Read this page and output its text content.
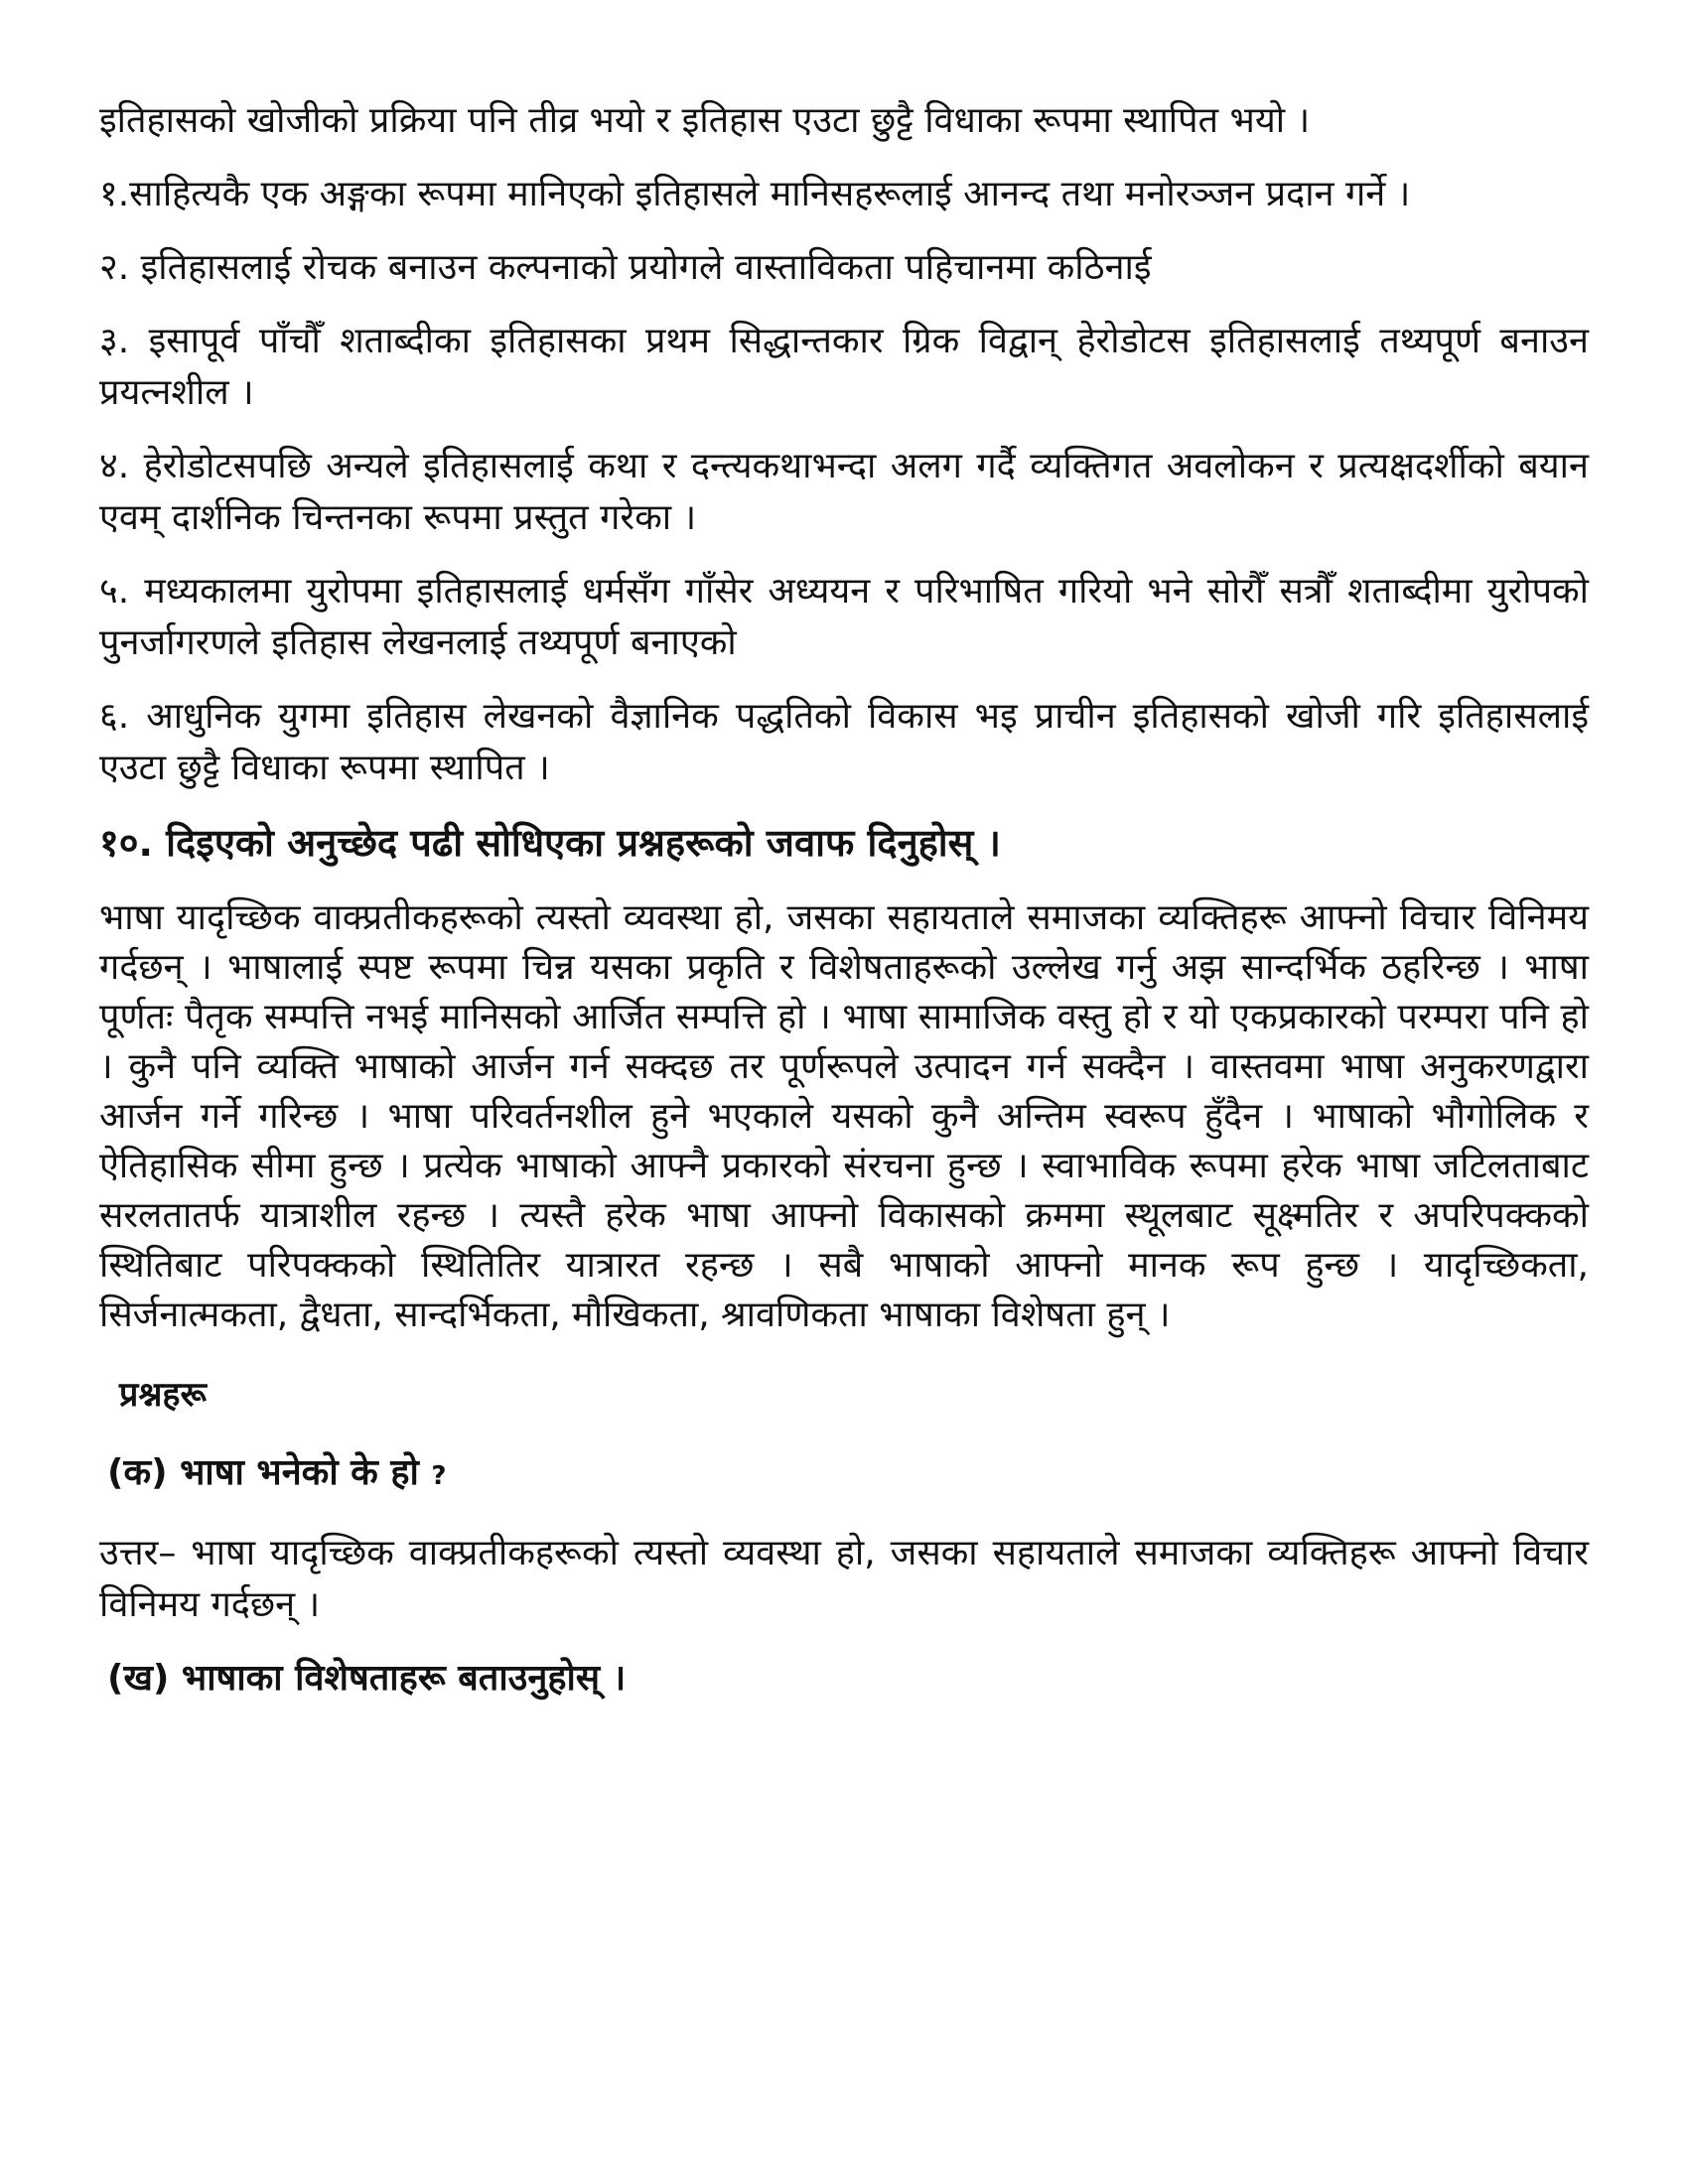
इतिहासको खोजीको प्रक्रिया पनि तीव्र भयो र इतिहास एउटा छुट्टै विधाका रूपमा स्थापित भयो ।

१.साहित्यकै एक अङ्गका रूपमा मानिएको इतिहासले मानिसहरूलाई आनन्द तथा मनोरञ्जन प्रदान गर्ने ।

२. इतिहासलाई रोचक बनाउन कल्पनाको प्रयोगले वास्ताविकता पहिचानमा कठिनाई

३. इसापूर्व पाँचौँ शताब्दीका इतिहासका प्रथम सिद्धान्तकार ग्रिक विद्वान् हेरोडोटस इतिहासलाई तथ्यपूर्ण बनाउन प्रयत्नशील ।

४. हेरोडोटसपछि अन्यले इतिहासलाई कथा र दन्त्यकथाभन्दा अलग गर्दै व्यक्तिगत अवलोकन र प्रत्यक्षदर्शीको बयान एवम् दार्शनिक चिन्तनका रूपमा प्रस्तुत गरेका ।

५. मध्यकालमा युरोपमा इतिहासलाई धर्मसँग गाँसेर अध्ययन र परिभाषित गरियो भने सोरौँ सत्रौँ शताब्दीमा युरोपको पुनर्जागरणले इतिहास लेखनलाई तथ्यपूर्ण बनाएको

६. आधुनिक युगमा इतिहास लेखनको वैज्ञानिक पद्धतिको विकास भइ प्राचीन इतिहासको खोजी गरि इतिहासलाई एउटा छुट्टै विधाका रूपमा स्थापित ।

१०. दिइएको अनुच्छेद पढी सोधिएका प्रश्नहरूको जवाफ दिनुहोस् ।

भाषा यादृच्छिक वाक्प्रतीकहरूको त्यस्तो व्यवस्था हो, जसका सहायताले समाजका व्यक्तिहरू आफ्नो विचार विनिमय गर्दछन् । भाषालाई स्पष्ट रूपमा चिन्न यसका प्रकृति र विशेषताहरूको उल्लेख गर्नु अझ सान्दर्भिक ठहरिन्छ । भाषा पूर्णतः पैतृक सम्पत्ति नभई मानिसको आर्जित सम्पत्ति हो । भाषा सामाजिक वस्तु हो र यो एकप्रकारको परम्परा पनि हो । कुनै पनि व्यक्ति भाषाको आर्जन गर्न सक्दछ तर पूर्णरूपले उत्पादन गर्न सक्दैन । वास्तवमा भाषा अनुकरणद्वारा आर्जन गर्ने गरिन्छ । भाषा परिवर्तनशील हुने भएकाले यसको कुनै अन्तिम स्वरूप हुँदैन । भाषाको भौगोलिक र ऐतिहासिक सीमा हुन्छ । प्रत्येक भाषाको आफ्नै प्रकारको संरचना हुन्छ । स्वाभाविक रूपमा हरेक भाषा जटिलताबाट सरलतातर्फ यात्राशील रहन्छ । त्यस्तै हरेक भाषा आफ्नो विकासको क्रममा स्थूलबाट सूक्ष्मतिर र अपरिपक्कको स्थितिबाट परिपक्कको स्थितितिर यात्रारत रहन्छ । सबै भाषाको आफ्नो मानक रूप हुन्छ । यादृच्छिकता, सिर्जनात्मकता, द्वैधता, सान्दर्भिकता, मौखिकता, श्रावणिकता भाषाका विशेषता हुन् ।

प्रश्नहरू
(क) भाषा भनेको के हो ?

उत्तर– भाषा यादृच्छिक वाक्प्रतीकहरूको त्यस्तो व्यवस्था हो, जसका सहायताले समाजका व्यक्तिहरू आफ्नो विचार विनिमय गर्दछन् ।

(ख) भाषाका विशेषताहरू बताउनुहोस् ।
